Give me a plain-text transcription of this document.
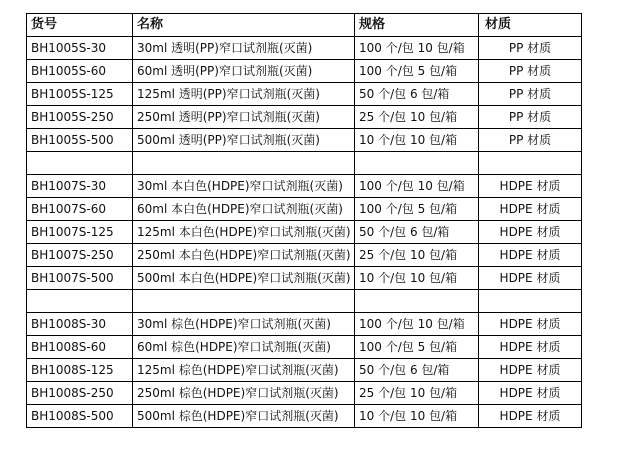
货号	名称	规格	材质
BH1005S-30	30ml 透明(PP)窄口试剂瓶(灭菌)	100 个/包 10 包/箱	PP 材质
BH1005S-60	60ml 透明(PP)窄口试剂瓶(灭菌)	100 个/包 5 包/箱	PP 材质
BH1005S-125	125ml 透明(PP)窄口试剂瓶(灭菌)	50 个/包 6 包/箱	PP 材质
BH1005S-250	250ml 透明(PP)窄口试剂瓶(灭菌)	25 个/包 10 包/箱	PP 材质
BH1005S-500	500ml 透明(PP)窄口试剂瓶(灭菌)	10 个/包 10 包/箱	PP 材质

BH1007S-30	30ml 本白色(HDPE)窄口试剂瓶(灭菌)	100 个/包 10 包/箱	HDPE 材质
BH1007S-60	60ml 本白色(HDPE)窄口试剂瓶(灭菌)	100 个/包 5 包/箱	HDPE 材质
BH1007S-125	125ml 本白色(HDPE)窄口试剂瓶(灭菌)	50 个/包 6 包/箱	HDPE 材质
BH1007S-250	250ml 本白色(HDPE)窄口试剂瓶(灭菌)	25 个/包 10 包/箱	HDPE 材质
BH1007S-500	500ml 本白色(HDPE)窄口试剂瓶(灭菌)	10 个/包 10 包/箱	HDPE 材质

BH1008S-30	30ml 棕色(HDPE)窄口试剂瓶(灭菌)	100 个/包 10 包/箱	HDPE 材质
BH1008S-60	60ml 棕色(HDPE)窄口试剂瓶(灭菌)	100 个/包 5 包/箱	HDPE 材质
BH1008S-125	125ml 棕色(HDPE)窄口试剂瓶(灭菌)	50 个/包 6 包/箱	HDPE 材质
BH1008S-250	250ml 棕色(HDPE)窄口试剂瓶(灭菌)	25 个/包 10 包/箱	HDPE 材质
BH1008S-500	500ml 棕色(HDPE)窄口试剂瓶(灭菌)	10 个/包 10 包/箱	HDPE 材质
